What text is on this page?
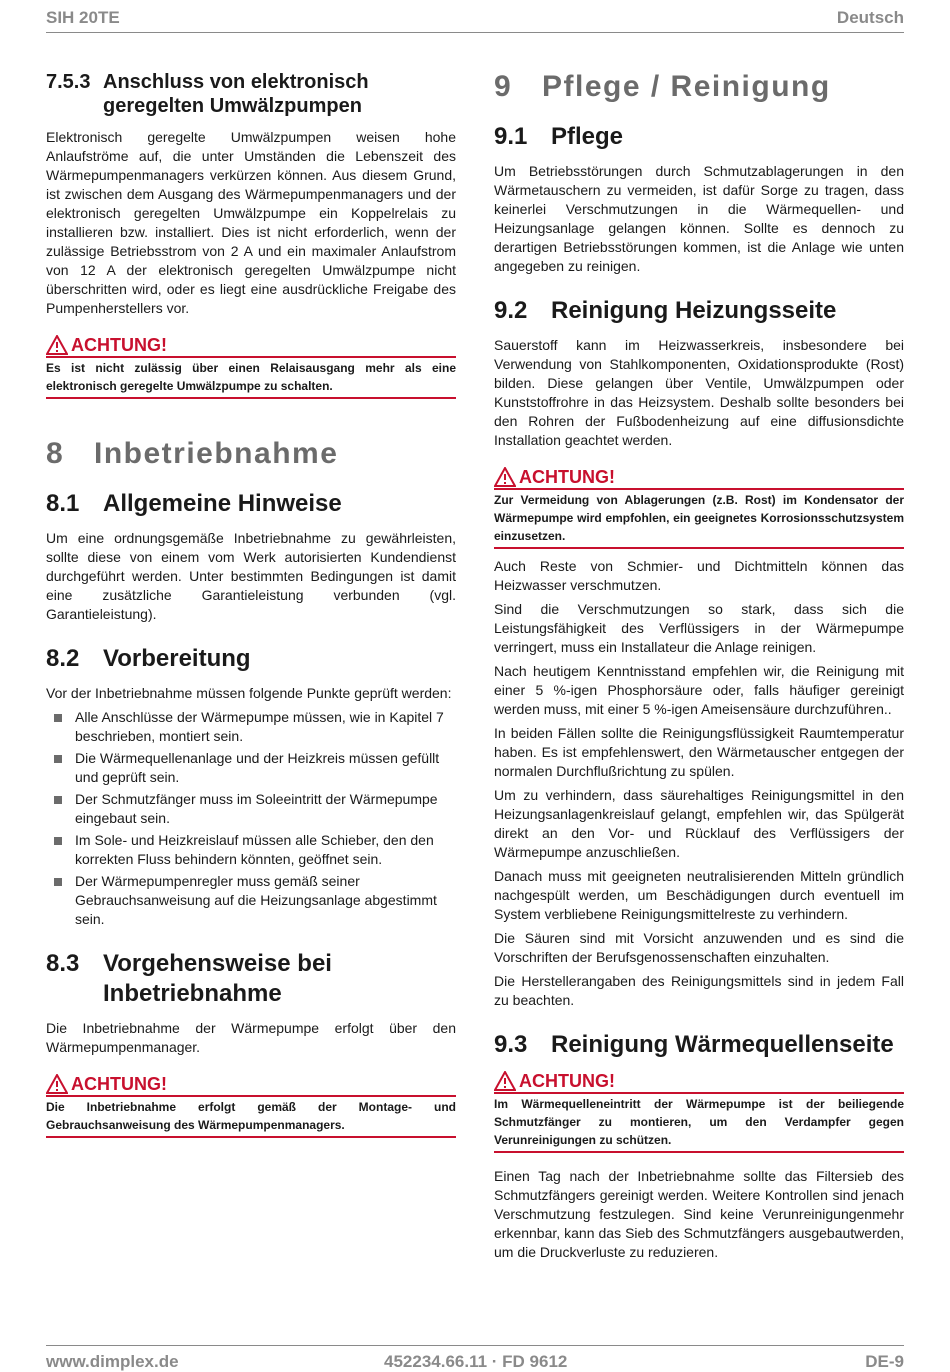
SIH 20TE	Deutsch
7.5.3 Anschluss von elektronisch geregelten Umwälzpumpen

Elektronisch geregelte Umwälzpumpen weisen hohe Anlaufströme auf, die unter Umständen die Lebenszeit des Wärmepumpenmanagers verkürzen können. Aus diesem Grund, ist zwischen dem Ausgang des Wärmepumpenmanagers und der elektronisch geregelten Umwälzpumpe ein Koppelrelais zu installieren bzw. installiert. Dies ist nicht erforderlich, wenn der zulässige Betriebsstrom von 2 A und ein maximaler Anlaufstrom von 12 A der elektronisch geregelten Umwälzpumpe nicht überschritten wird, oder es liegt eine ausdrückliche Freigabe des Pumpenherstellers vor.

ACHTUNG!
Es ist nicht zulässig über einen Relaisausgang mehr als eine elektronisch geregelte Umwälzpumpe zu schalten.
8 Inbetriebnahme
8.1 Allgemeine Hinweise

Um eine ordnungsgemäße Inbetriebnahme zu gewährleisten, sollte diese von einem vom Werk autorisierten Kundendienst durchgeführt werden. Unter bestimmten Bedingungen ist damit eine zusätzliche Garantieleistung verbunden (vgl. Garantieleistung).

8.2 Vorbereitung

Vor der Inbetriebnahme müssen folgende Punkte geprüft werden:

Alle Anschlüsse der Wärmepumpe müssen, wie in Kapitel 7 beschrieben, montiert sein.
Die Wärmequellenanlage und der Heizkreis müssen gefüllt und geprüft sein.
Der Schmutzfänger muss im Soleeintritt der Wärmepumpe eingebaut sein.
Im Sole- und Heizkreislauf müssen alle Schieber, den den korrekten Fluss behindern könnten, geöffnet sein.
Der Wärmepumpenregler muss gemäß seiner Gebrauchsanweisung auf die Heizungsanlage abgestimmt sein.
8.3 Vorgehensweise bei Inbetriebnahme

Die Inbetriebnahme der Wärmepumpe erfolgt über den Wärmepumpenmanager.

ACHTUNG!
Die Inbetriebnahme erfolgt gemäß der Montage- und Gebrauchsanweisung des Wärmepumpenmanagers.
9 Pflege / Reinigung
9.1 Pflege

Um Betriebsstörungen durch Schmutzablagerungen in den Wärmetauschern zu vermeiden, ist dafür Sorge zu tragen, dass keinerlei Verschmutzungen in die Wärmequellen- und Heizungsanlage gelangen können. Sollte es dennoch zu derartigen Betriebsstörungen kommen, ist die Anlage wie unten angegeben zu reinigen.

9.2 Reinigung Heizungsseite

Sauerstoff kann im Heizwasserkreis, insbesondere bei Verwendung von Stahlkomponenten, Oxidationsprodukte (Rost) bilden. Diese gelangen über Ventile, Umwälzpumpen oder Kunststoffrohre in das Heizsystem. Deshalb sollte besonders bei den Rohren der Fußbodenheizung auf eine diffusionsdichte Installation geachtet werden.

ACHTUNG!
Zur Vermeidung von Ablagerungen (z.B. Rost) im Kondensator der Wärmepumpe wird empfohlen, ein geeignetes Korrosionsschutzsystem einzusetzen.

Auch Reste von Schmier- und Dichtmitteln können das Heizwasser verschmutzen.

Sind die Verschmutzungen so stark, dass sich die Leistungsfähigkeit des Verflüssigers in der Wärmepumpe verringert, muss ein Installateur die Anlage reinigen.

Nach heutigem Kenntnisstand empfehlen wir, die Reinigung mit einer 5 %-igen Phosphorsäure oder, falls häufiger gereinigt werden muss, mit einer 5 %-igen Ameisensäure durchzuführen..

In beiden Fällen sollte die Reinigungsflüssigkeit Raumtemperatur haben. Es ist empfehlenswert, den Wärmetauscher entgegen der normalen Durchflußrichtung zu spülen.

Um zu verhindern, dass säurehaltiges Reinigungsmittel in den Heizungsanlagenkreislauf gelangt, empfehlen wir, das Spülgerät direkt an den Vor- und Rücklauf des Verflüssigers der Wärmepumpe anzuschließen.

Danach muss mit geeigneten neutralisierenden Mitteln gründlich nachgespült werden, um Beschädigungen durch eventuell im System verbliebene Reinigungsmittelreste zu verhindern.

Die Säuren sind mit Vorsicht anzuwenden und es sind die Vorschriften der Berufsgenossenschaften einzuhalten.

Die Herstellerangaben des Reinigungsmittels sind in jedem Fall zu beachten.

9.3 Reinigung Wärmequellenseite
ACHTUNG!
Im Wärmequelleneintritt der Wärmepumpe ist der beiliegende Schmutzfänger zu montieren, um den Verdampfer gegen Verunreinigungen zu schützen.

Einen Tag nach der Inbetriebnahme sollte das Filtersieb des Schmutzfängers gereinigt werden. Weitere Kontrollen sind jenach Verschmutzung festzulegen. Sind keine Verunreinigungenmehr erkennbar, kann das Sieb des Schmutzfängers ausgebautwerden, um die Druckverluste zu reduzieren.

www.dimplex.de	452234.66.11 · FD 9612	DE-9
